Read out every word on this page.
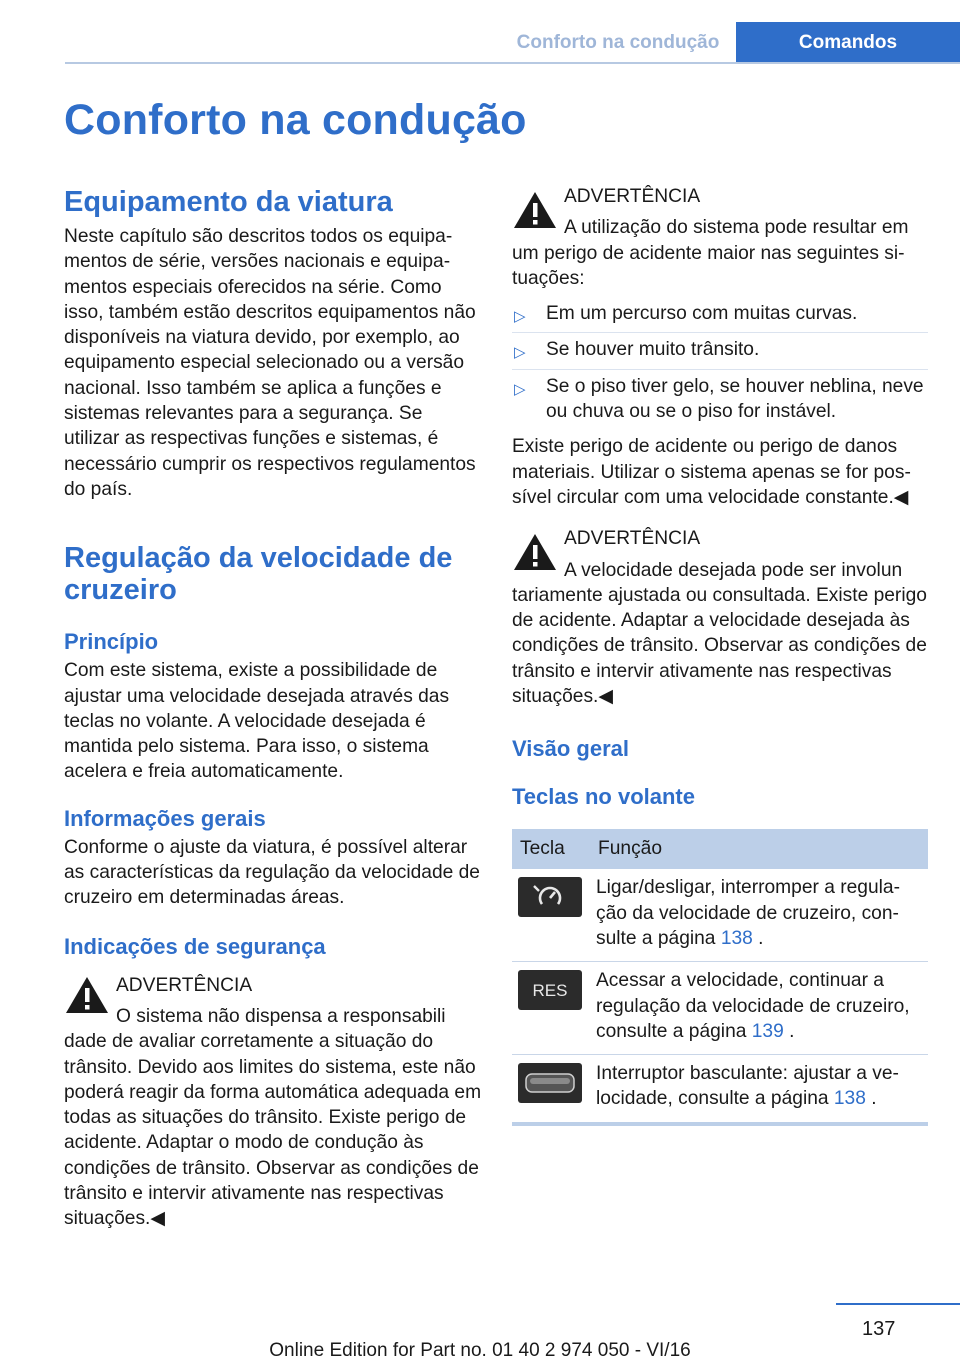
Conforto na condução	Comandos
Conforto na condução
Equipamento da viatura

Neste capítulo são descritos todos os equipamentos de série, versões nacionais e equipamentos especiais oferecidos na série. Como isso, também estão descritos equipamentos não disponíveis na viatura devido, por exemplo, ao equipamento especial selecionado ou a versão nacional. Isso também se aplica a funções e sistemas relevantes para a segurança. Se utilizar as respectivas funções e sistemas, é necessário cumprir os respectivos regulamentos do país.

Regulação da velocidade de cruzeiro
Princípio

Com este sistema, existe a possibilidade de ajustar uma velocidade desejada através das teclas no volante. A velocidade desejada é mantida pelo sistema. Para isso, o sistema acelera e freia automaticamente.

Informações gerais

Conforme o ajuste da viatura, é possível alterar as características da regulação da velocidade de cruzeiro em determinadas áreas.

Indicações de segurança
ADVERTÊNCIA
O sistema não dispensa a responsabili

dade de avaliar corretamente a situação do trânsito. Devido aos limites do sistema, este não poderá reagir da forma automática adequada em todas as situações do trânsito. Existe perigo de acidente. Adaptar o modo de condução às condições de trânsito. Observar as condições de trânsito e intervir ativamente nas respectivas situações.◀

ADVERTÊNCIA
A utilização do sistema pode resultar em

um perigo de acidente maior nas seguintes situações:

▷ Em um percurso com muitas curvas.
▷ Se houver muito trânsito.
▷ Se o piso tiver gelo, se houver neblina, neve ou chuva ou se o piso for instável.

Existe perigo de acidente ou perigo de danos materiais. Utilizar o sistema apenas se for possível circular com uma velocidade constante.◀

ADVERTÊNCIA
A velocidade desejada pode ser involun

tariamente ajustada ou consultada. Existe perigo de acidente. Adaptar a velocidade desejada às condições de trânsito. Observar as condições de trânsito e intervir ativamente nas respectivas situações.◀

Visão geral
Teclas no volante
Tecla	Função

	Ligar/desligar, interromper a regulação da velocidade de cruzeiro, consulte a página 138 .

RES	Acessar a velocidade, continuar a regulação da velocidade de cruzeiro, consulte a página 139 .

	Interruptor basculante: ajustar a velocidade, consulte a página 138 .
137
Online Edition for Part no. 01 40 2 974 050 - VI/16
